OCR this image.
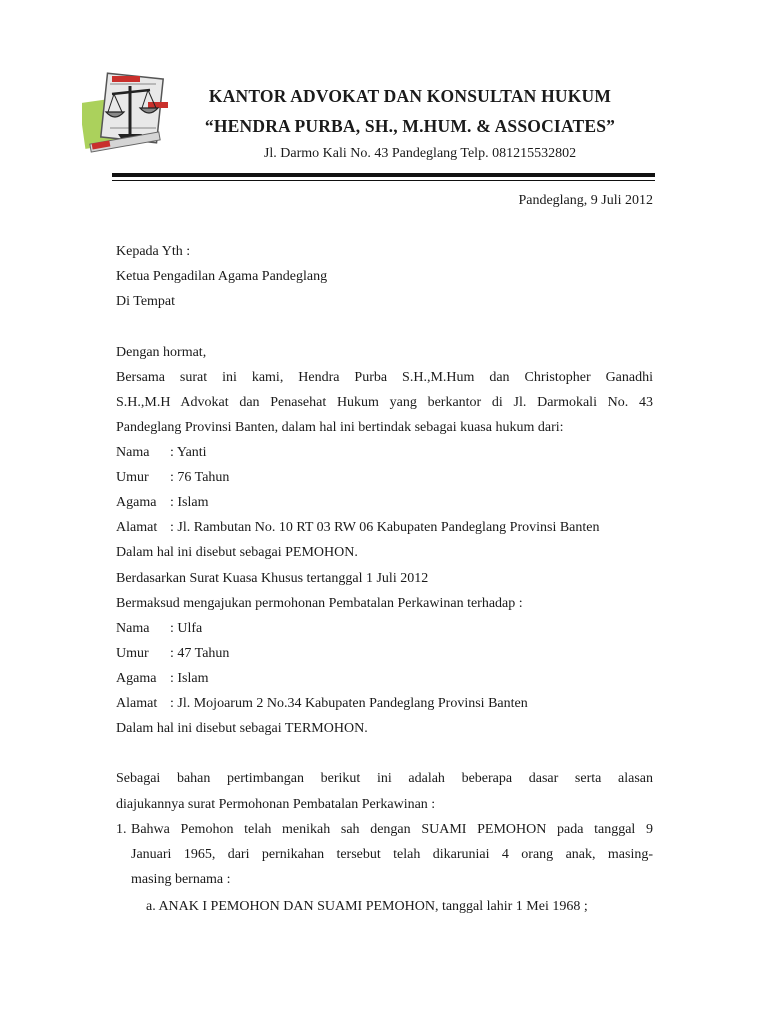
KANTOR ADVOKAT DAN KONSULTAN HUKUM
“HENDRA PURBA, SH., M.HUM. & ASSOCIATES”
Jl. Darmo Kali No. 43 Pandeglang Telp. 081215532802
Pandeglang, 9 Juli 2012
Kepada Yth :
Ketua Pengadilan Agama Pandeglang
Di Tempat
Dengan hormat,
Bersama surat ini kami, Hendra Purba S.H.,M.Hum dan Christopher Ganadhi
S.H.,M.H Advokat dan Penasehat Hukum yang berkantor di Jl. Darmokali No. 43
Pandeglang Provinsi Banten, dalam hal ini bertindak sebagai kuasa hukum dari:
Nama : Yanti
Umur : 76 Tahun
Agama : Islam
Alamat : Jl. Rambutan No. 10 RT 03 RW 06 Kabupaten Pandeglang Provinsi Banten
Dalam hal ini disebut sebagai PEMOHON.
Berdasarkan Surat Kuasa Khusus tertanggal 1 Juli 2012
Bermaksud mengajukan permohonan Pembatalan Perkawinan terhadap :
Nama : Ulfa
Umur : 47 Tahun
Agama : Islam
Alamat : Jl. Mojoarum 2 No.34 Kabupaten Pandeglang Provinsi Banten
Dalam hal ini disebut sebagai TERMOHON.
Sebagai bahan pertimbangan berikut ini adalah beberapa dasar serta alasan
diajukannya surat Permohonan Pembatalan Perkawinan :
1. Bahwa Pemohon telah menikah sah dengan SUAMI PEMOHON pada tanggal 9
Januari 1965, dari pernikahan tersebut telah dikaruniai 4 orang anak, masing-
masing bernama :
a. ANAK I PEMOHON DAN SUAMI PEMOHON, tanggal lahir 1 Mei 1968 ;
